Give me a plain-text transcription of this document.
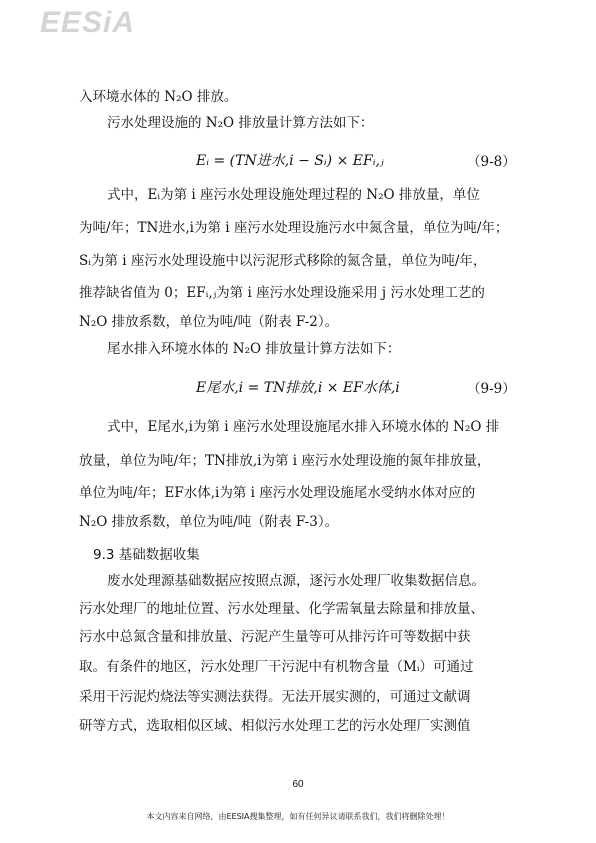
EESiA
入环境水体的 N₂O 排放。
污水处理设施的 N₂O 排放量计算方法如下：
Eᵢ = (TN进水,i − Sᵢ) × EFᵢ,ⱼ	（9-8）
式中，Eᵢ为第 i 座污水处理设施处理过程的 N₂O 排放量，单位
为吨/年；TN进水,i为第 i 座污水处理设施污水中氮含量，单位为吨/年；
Sᵢ为第 i 座污水处理设施中以污泥形式移除的氮含量，单位为吨/年，
推荐缺省值为 0；EFᵢ,ⱼ为第 i 座污水处理设施采用 j 污水处理工艺的
N₂O 排放系数，单位为吨/吨（附表 F-2）。
尾水排入环境水体的 N₂O 排放量计算方法如下：
E尾水,i = TN排放,i × EF水体,i	（9-9）
式中，E尾水,i为第 i 座污水处理设施尾水排入环境水体的 N₂O 排
放量，单位为吨/年；TN排放,i为第 i 座污水处理设施的氮年排放量，
单位为吨/年；EF水体,i为第 i 座污水处理设施尾水受纳水体对应的
N₂O 排放系数，单位为吨/吨（附表 F-3）。
9.3 基础数据收集
废水处理源基础数据应按照点源，逐污水处理厂收集数据信息。
污水处理厂的地址位置、污水处理量、化学需氧量去除量和排放量、
污水中总氮含量和排放量、污泥产生量等可从排污许可等数据中获
取。有条件的地区，污水处理厂干污泥中有机物含量（Mᵢ）可通过
采用干污泥灼烧法等实测法获得。无法开展实测的，可通过文献调
研等方式，选取相似区域、相似污水处理工艺的污水处理厂实测值
60
本文内容来自网络，由EESIA搜集整理，如有任何异议请联系我们，我们将删除处理！
